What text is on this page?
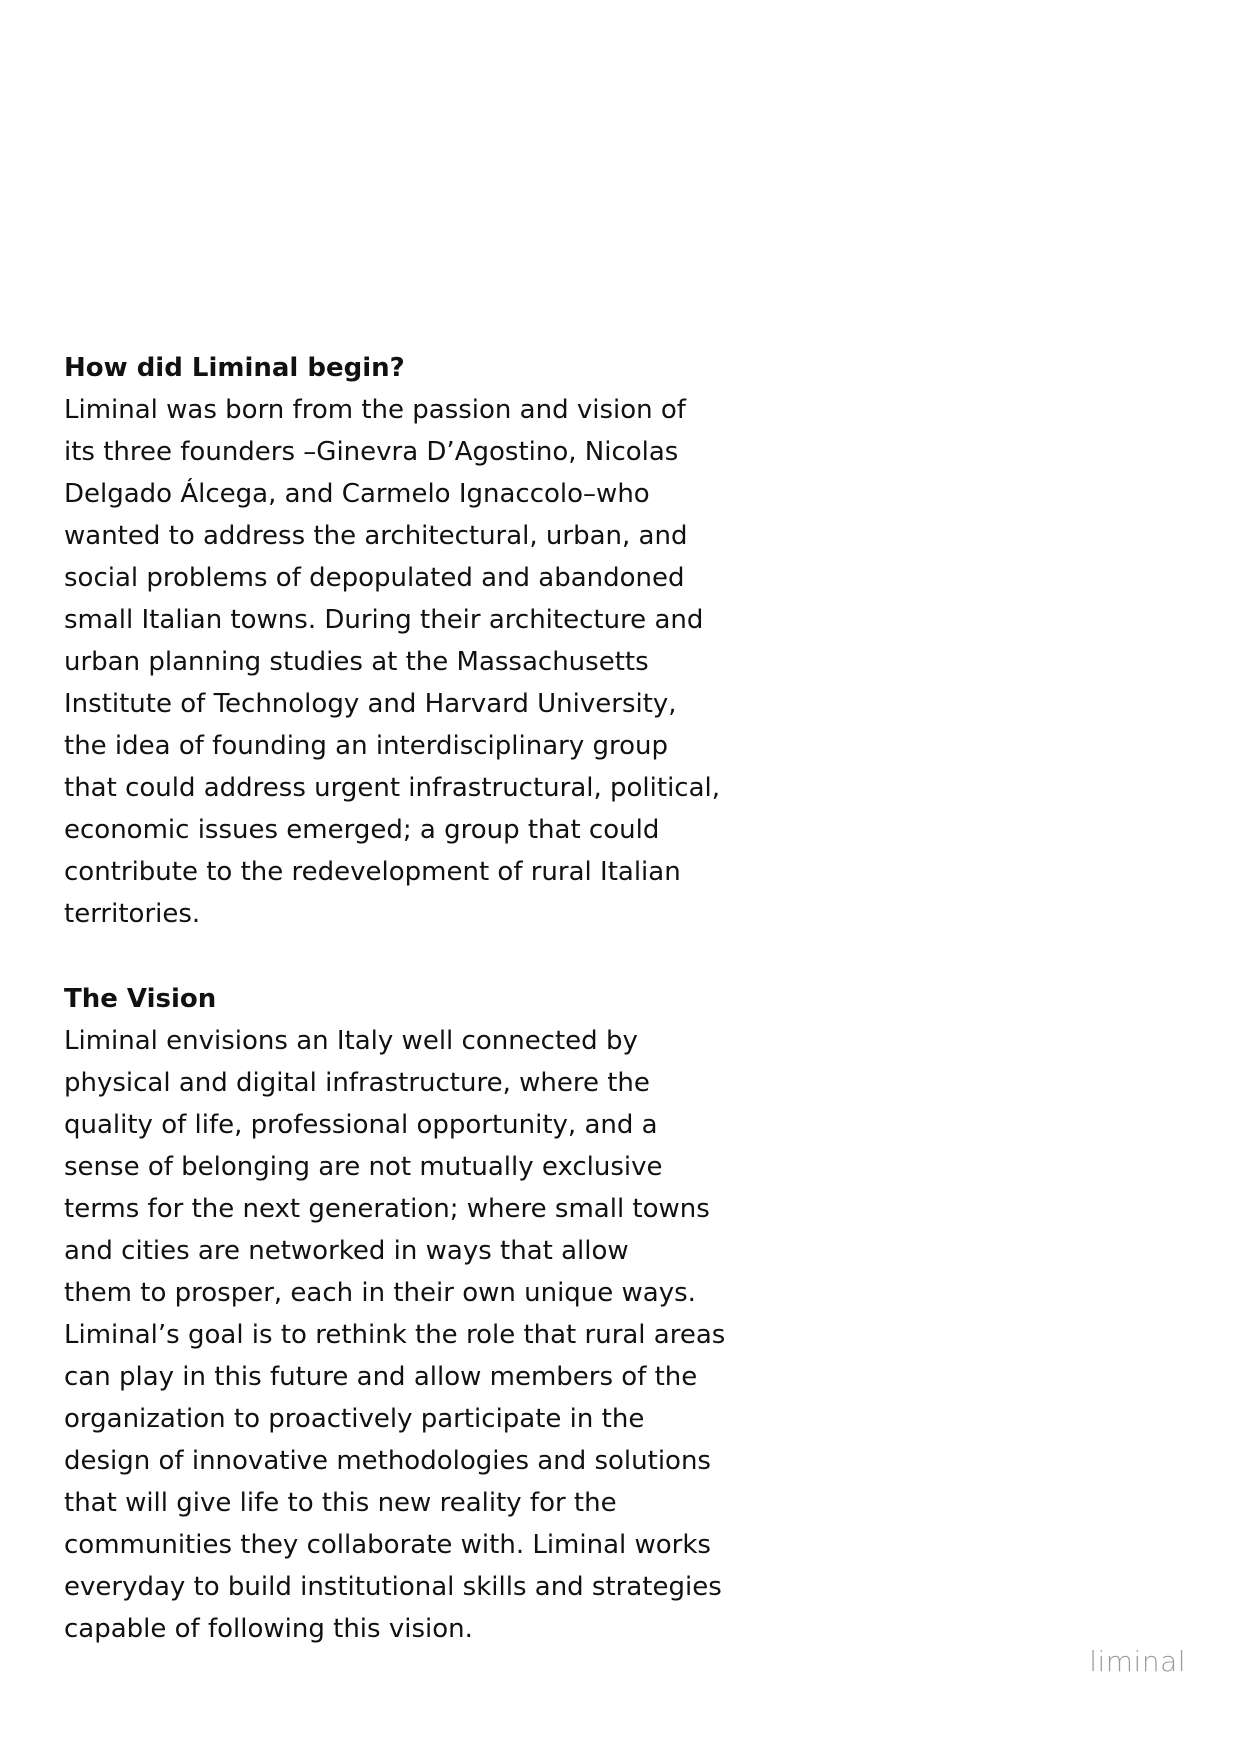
How did Liminal begin?
Liminal was born from the passion and vision of
its three founders –Ginevra D’Agostino, Nicolas
Delgado Álcega, and Carmelo Ignaccolo–who
wanted to address the architectural, urban, and
social problems of depopulated and abandoned
small Italian towns. During their architecture and
urban planning studies at the Massachusetts
Institute of Technology and Harvard University,
the idea of founding an interdisciplinary group
that could address urgent infrastructural, political,
economic issues emerged; a group that could
contribute to the redevelopment of rural Italian
territories.
The Vision
Liminal envisions an Italy well connected by
physical and digital infrastructure, where the
quality of life, professional opportunity, and a
sense of belonging are not mutually exclusive
terms for the next generation; where small towns
and cities are networked in ways that allow
them to prosper, each in their own unique ways.
Liminal’s goal is to rethink the role that rural areas
can play in this future and allow members of the
organization to proactively participate in the
design of innovative methodologies and solutions
that will give life to this new reality for the
communities they collaborate with. Liminal works
everyday to build institutional skills and strategies
capable of following this vision.
liminal
